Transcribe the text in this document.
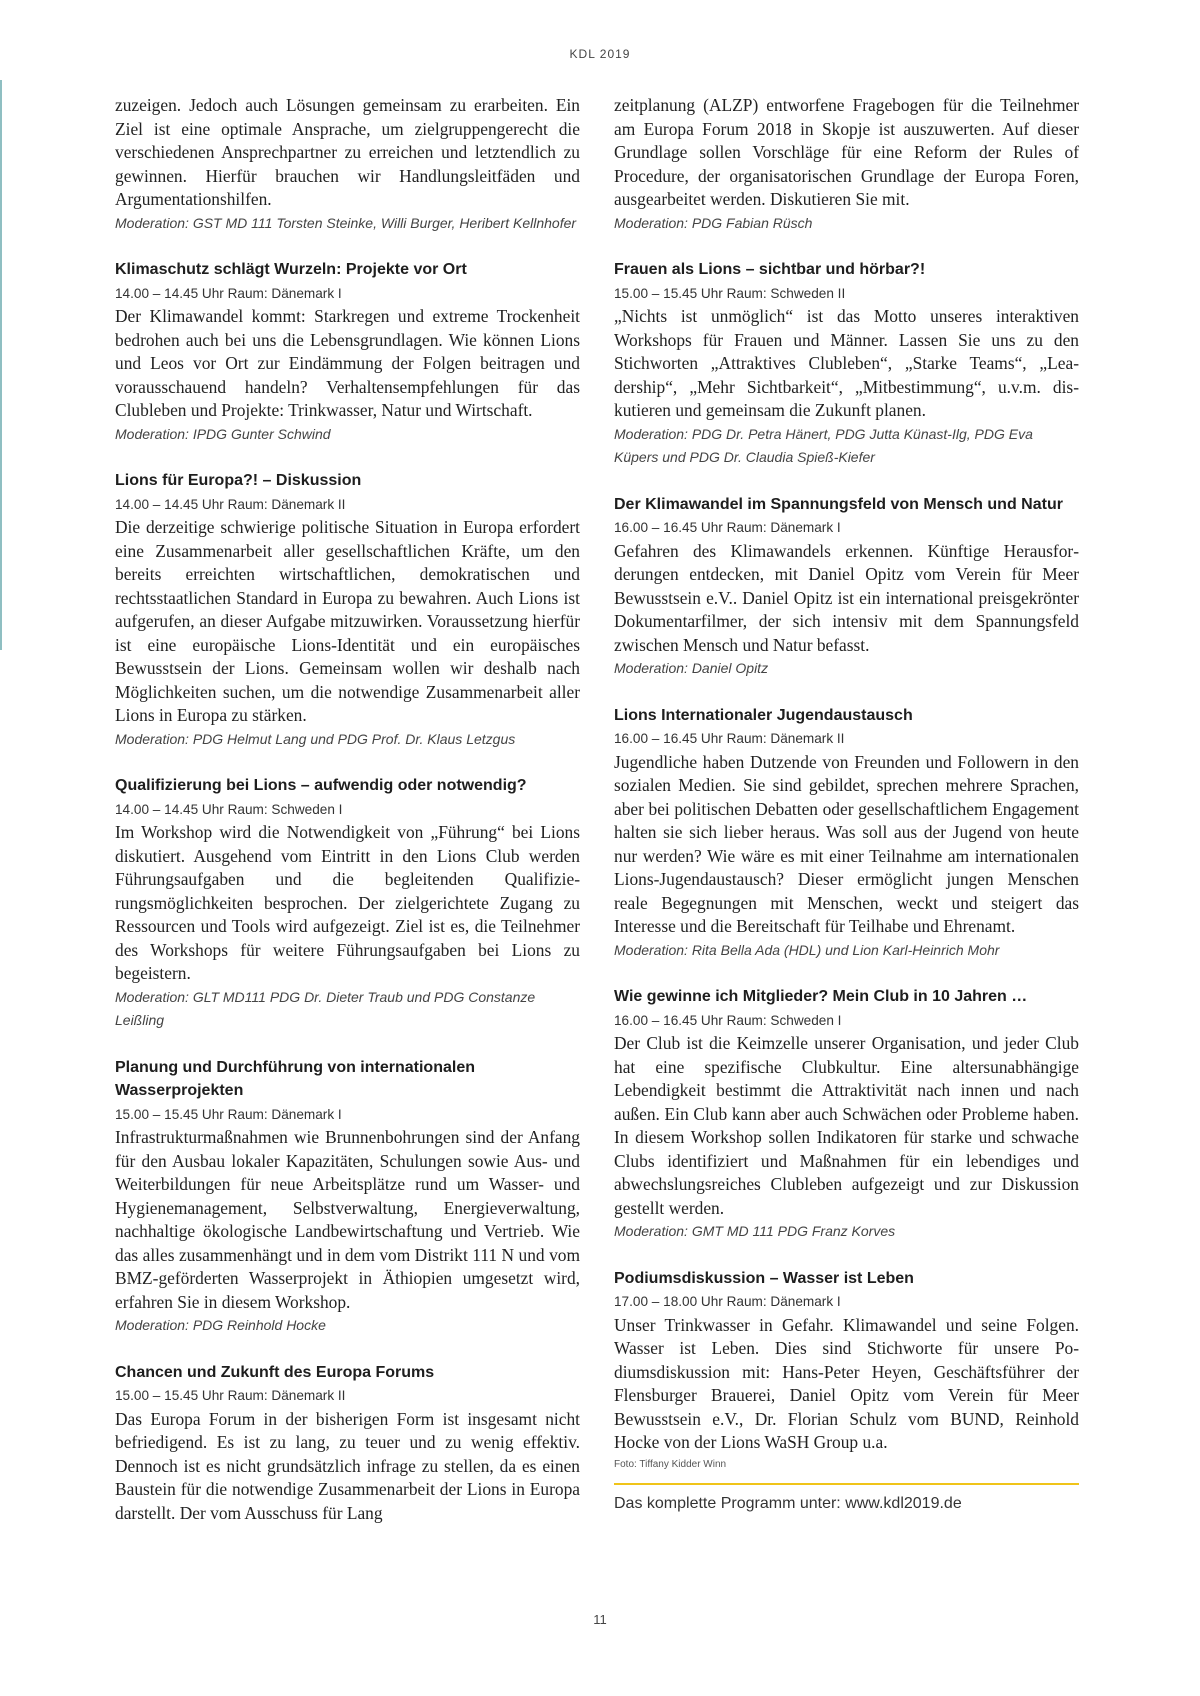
KDL 2019

zuzeigen. Jedoch auch Lösungen gemeinsam zu erarbeiten. Ein Ziel ist eine optimale Ansprache, um zielgruppengerecht die verschiedenen Ansprechpartner zu erreichen und letztendlich zu gewinnen. Hierfür brauchen wir Handlungsleitfäden und Argumentationshilfen.

Moderation: GST MD 111 Torsten Steinke, Willi Burger, Heribert Kellnhofer

Klimaschutz schlägt Wurzeln: Projekte vor Ort

14.00 – 14.45 Uhr Raum: Dänemark I

Der Klimawandel kommt: Starkregen und extreme Trockenheit bedrohen auch bei uns die Lebensgrundlagen. Wie können Lions und Leos vor Ort zur Eindämmung der Folgen beitragen und vorausschauend handeln? Verhaltensempfehlungen für das Clubleben und Projekte: Trinkwasser, Natur und Wirtschaft.

Moderation: IPDG Gunter Schwind

Lions für Europa?! – Diskussion

14.00 – 14.45 Uhr Raum: Dänemark II

Die derzeitige schwierige politische Situation in Europa erfordert eine Zusammenarbeit aller gesellschaftlichen Kräfte, um den bereits erreichten wirtschaftlichen, demokratischen und rechtsstaatlichen Standard in Europa zu bewahren. Auch Lions ist aufgerufen, an dieser Aufgabe mitzuwirken. Voraussetzung hierfür ist eine europäische Lions-Identität und ein europäisches Bewusstsein der Lions. Gemeinsam wollen wir deshalb nach Möglichkeiten suchen, um die notwendige Zusammenarbeit aller Lions in Europa zu stärken.

Moderation: PDG Helmut Lang und PDG Prof. Dr. Klaus Letzgus

Qualifizierung bei Lions – aufwendig oder notwendig?

14.00 – 14.45 Uhr Raum: Schweden I

Im Workshop wird die Notwendigkeit von „Führung“ bei Lions diskutiert. Ausgehend vom Eintritt in den Lions Club werden Führungsaufgaben und die begleitenden Qualifizierungsmöglichkeiten besprochen. Der zielgerichtete Zugang zu Ressourcen und Tools wird aufgezeigt. Ziel ist es, die Teilnehmer des Workshops für weitere Führungsaufgaben bei Lions zu begeistern.

Moderation: GLT MD111 PDG Dr. Dieter Traub und PDG Constanze Leißling

Planung und Durchführung von internationalen Wasserprojekten

15.00 – 15.45 Uhr Raum: Dänemark I

Infrastrukturmaßnahmen wie Brunnenbohrungen sind der Anfang für den Ausbau lokaler Kapazitäten, Schulungen sowie Aus- und Weiterbildungen für neue Arbeitsplätze rund um Wasser- und Hygienemanagement, Selbstverwaltung, Energieverwaltung, nachhaltige ökologische Landbewirtschaftung und Vertrieb. Wie das alles zusammenhängt und in dem vom Distrikt 111 N und vom BMZ-geförderten Wasserprojekt in Äthiopien umgesetzt wird, erfahren Sie in diesem Workshop.

Moderation: PDG Reinhold Hocke

Chancen und Zukunft des Europa Forums

15.00 – 15.45 Uhr Raum: Dänemark II

Das Europa Forum in der bisherigen Form ist insgesamt nicht befriedigend. Es ist zu lang, zu teuer und zu wenig effektiv. Dennoch ist es nicht grundsätzlich infrage zu stellen, da es einen Baustein für die notwendige Zusammenarbeit der Lions in Europa darstellt. Der vom Ausschuss für Lang

zeitplanung (ALZP) entworfene Fragebogen für die Teilnehmer am Europa Forum 2018 in Skopje ist auszuwerten. Auf dieser Grundlage sollen Vorschläge für eine Reform der Rules of Procedure, der organisatorischen Grundlage der Europa Foren, ausgearbeitet werden. Diskutieren Sie mit.

Moderation: PDG Fabian Rüsch

Frauen als Lions – sichtbar und hörbar?!

15.00 – 15.45 Uhr Raum: Schweden II

„Nichts ist unmöglich“ ist das Motto unseres interaktiven Workshops für Frauen und Männer. Lassen Sie uns zu den Stichworten „Attraktives Clubleben“, „Starke Teams“, „Leadership“, „Mehr Sichtbarkeit“, „Mitbestimmung“, u.v.m. diskutieren und gemeinsam die Zukunft planen.

Moderation: PDG Dr. Petra Hänert, PDG Jutta Künast-Ilg, PDG Eva Küpers und PDG Dr. Claudia Spieß-Kiefer

Der Klimawandel im Spannungsfeld von Mensch und Natur

16.00 – 16.45 Uhr Raum: Dänemark I

Gefahren des Klimawandels erkennen. Künftige Herausforderungen entdecken, mit Daniel Opitz vom Verein für Meer Bewusstsein e.V.. Daniel Opitz ist ein international preisgekrönter Dokumentarfilmer, der sich intensiv mit dem Spannungsfeld zwischen Mensch und Natur befasst.

Moderation: Daniel Opitz

Lions Internationaler Jugendaustausch

16.00 – 16.45 Uhr Raum: Dänemark II

Jugendliche haben Dutzende von Freunden und Followern in den sozialen Medien. Sie sind gebildet, sprechen mehrere Sprachen, aber bei politischen Debatten oder gesellschaftlichem Engagement halten sie sich lieber heraus. Was soll aus der Jugend von heute nur werden? Wie wäre es mit einer Teilnahme am internationalen Lions-Jugendaustausch? Dieser ermöglicht jungen Menschen reale Begegnungen mit Menschen, weckt und steigert das Interesse und die Bereitschaft für Teilhabe und Ehrenamt.

Moderation: Rita Bella Ada (HDL) und Lion Karl-Heinrich Mohr

Wie gewinne ich Mitglieder? Mein Club in 10 Jahren …

16.00 – 16.45 Uhr Raum: Schweden I

Der Club ist die Keimzelle unserer Organisation, und jeder Club hat eine spezifische Clubkultur. Eine altersunabhängige Lebendigkeit bestimmt die Attraktivität nach innen und nach außen. Ein Club kann aber auch Schwächen oder Probleme haben. In diesem Workshop sollen Indikatoren für starke und schwache Clubs identifiziert und Maßnahmen für ein lebendiges und abwechslungsreiches Clubleben aufgezeigt und zur Diskussion gestellt werden.

Moderation: GMT MD 111 PDG Franz Korves

Podiumsdiskussion – Wasser ist Leben

17.00 – 18.00 Uhr Raum: Dänemark I

Unser Trinkwasser in Gefahr. Klimawandel und seine Folgen. Wasser ist Leben. Dies sind Stichworte für unsere Podiumsdiskussion mit: Hans-Peter Heyen, Geschäftsführer der Flensburger Brauerei, Daniel Opitz vom Verein für Meer Bewusstsein e.V., Dr. Florian Schulz vom BUND, Reinhold Hocke von der Lions WaSH Group u.a.

Foto: Tiffany Kidder Winn

Das komplette Programm unter: www.kdl2019.de

11
